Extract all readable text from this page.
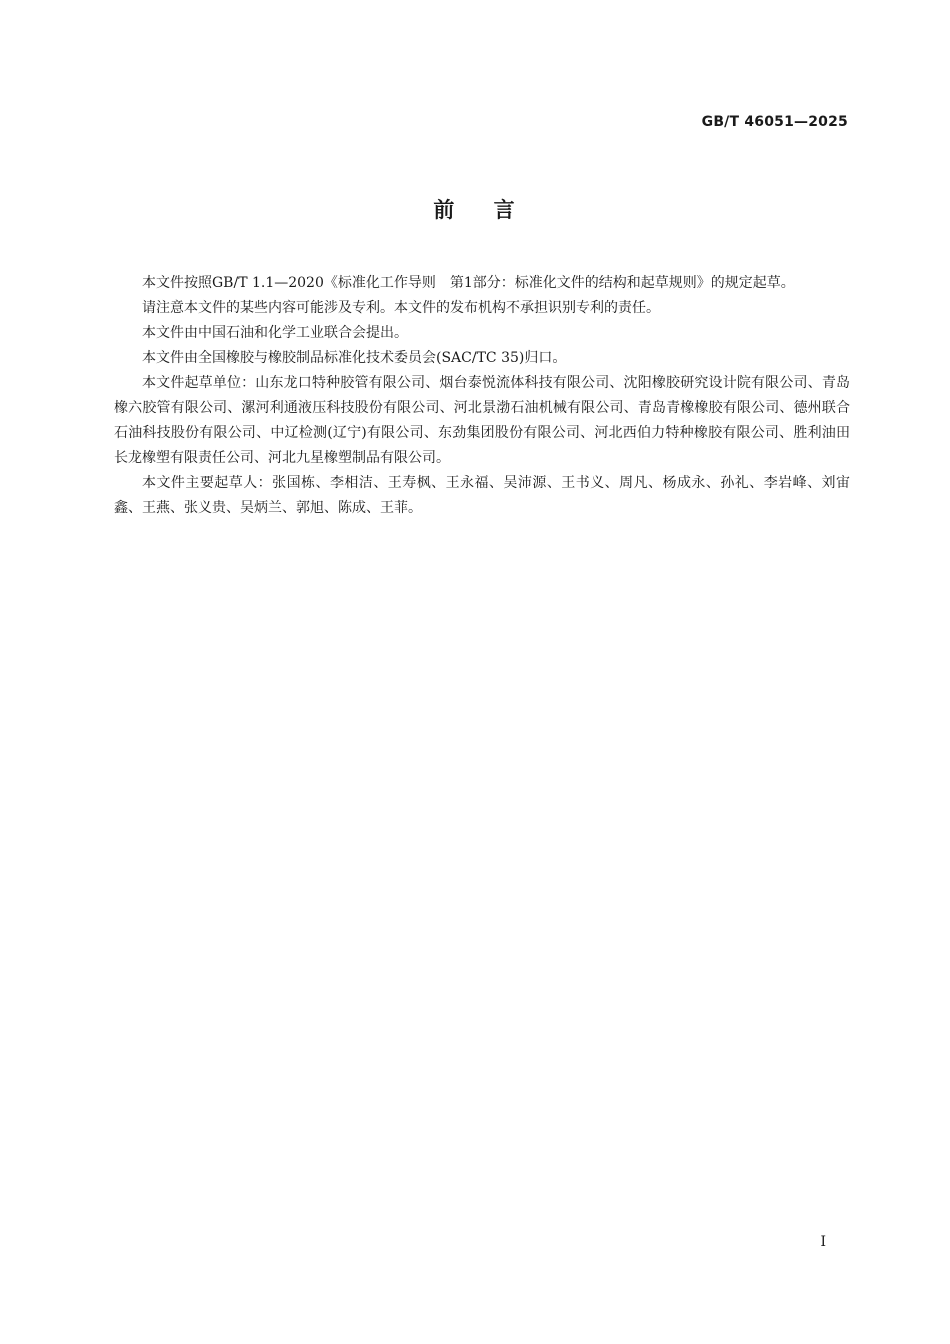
GB/T 46051—2025
前    言

本文件按照GB/T 1.1—2020《标准化工作导则　第1部分：标准化文件的结构和起草规则》的规定起草。

请注意本文件的某些内容可能涉及专利。本文件的发布机构不承担识别专利的责任。

本文件由中国石油和化学工业联合会提出。

本文件由全国橡胶与橡胶制品标准化技术委员会(SAC/TC 35)归口。

本文件起草单位：山东龙口特种胶管有限公司、烟台泰悦流体科技有限公司、沈阳橡胶研究设计院有限公司、青岛橡六胶管有限公司、漯河利通液压科技股份有限公司、河北景渤石油机械有限公司、青岛青橡橡胶有限公司、德州联合石油科技股份有限公司、中辽检测(辽宁)有限公司、东劲集团股份有限公司、河北西伯力特种橡胶有限公司、胜利油田长龙橡塑有限责任公司、河北九星橡塑制品有限公司。

本文件主要起草人：张国栋、李相洁、王寿枫、王永福、吴沛源、王书义、周凡、杨成永、孙礼、李岩峰、刘宙鑫、王燕、张义贵、吴炳兰、郭旭、陈成、王菲。

I
